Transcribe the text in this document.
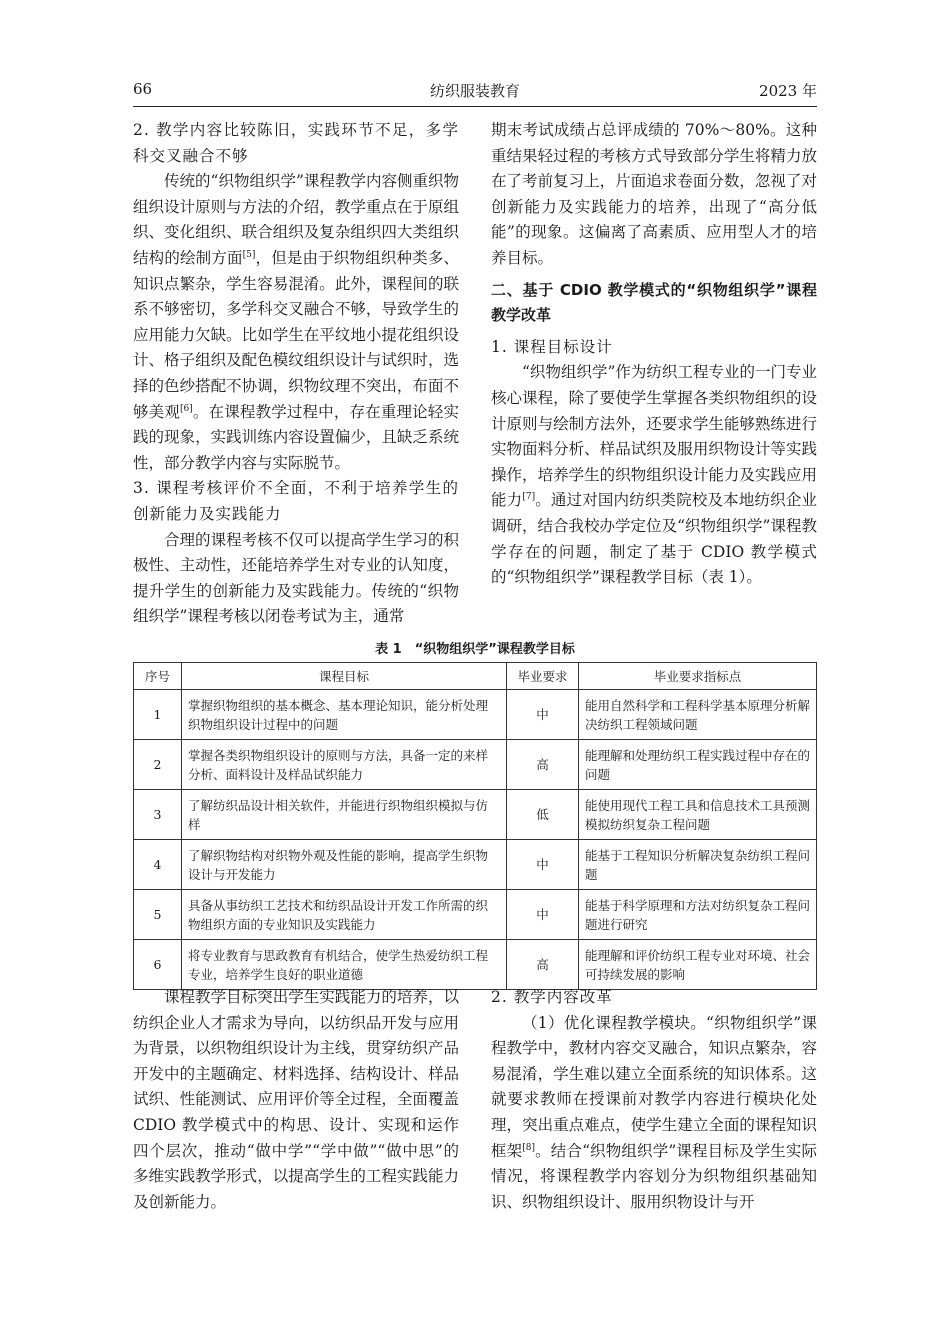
66	纺织服装教育	2023 年

2. 教学内容比较陈旧，实践环节不足，多学科交叉融合不够

传统的“织物组织学”课程教学内容侧重织物组织设计原则与方法的介绍，教学重点在于原组织、变化组织、联合组织及复杂组织四大类组织结构的绘制方面[5]，但是由于织物组织种类多、知识点繁杂，学生容易混淆。此外，课程间的联系不够密切，多学科交叉融合不够，导致学生的应用能力欠缺。比如学生在平纹地小提花组织设计、格子组织及配色模纹组织设计与试织时，选择的色纱搭配不协调，织物纹理不突出，布面不够美观[6]。在课程教学过程中，存在重理论轻实践的现象，实践训练内容设置偏少，且缺乏系统性，部分教学内容与实际脱节。

3. 课程考核评价不全面，不利于培养学生的创新能力及实践能力

合理的课程考核不仅可以提高学生学习的积极性、主动性，还能培养学生对专业的认知度，提升学生的创新能力及实践能力。传统的“织物组织学”课程考核以闭卷考试为主，通常

期末考试成绩占总评成绩的 70%～80%。这种重结果轻过程的考核方式导致部分学生将精力放在了考前复习上，片面追求卷面分数，忽视了对创新能力及实践能力的培养，出现了“高分低能”的现象。这偏离了高素质、应用型人才的培养目标。

二、基于 CDIO 教学模式的“织物组织学”课程教学改革

1. 课程目标设计

“织物组织学”作为纺织工程专业的一门专业核心课程，除了要使学生掌握各类织物组织的设计原则与绘制方法外，还要求学生能够熟练进行实物面料分析、样品试织及服用织物设计等实践操作，培养学生的织物组织设计能力及实践应用能力[7]。通过对国内纺织类院校及本地纺织企业调研，结合我校办学定位及“织物组织学”课程教学存在的问题，制定了基于 CDIO 教学模式的“织物组织学”课程教学目标（表 1）。

表 1　“织物组织学”课程教学目标
序号	课程目标	毕业要求	毕业要求指标点
1	掌握织物组织的基本概念、基本理论知识，能分析处理织物组织设计过程中的问题	中	能用自然科学和工程科学基本原理分析解决纺织工程领域问题
2	掌握各类织物组织设计的原则与方法，具备一定的来样分析、面料设计及样品试织能力	高	能理解和处理纺织工程实践过程中存在的问题
3	了解纺织品设计相关软件，并能进行织物组织模拟与仿样	低	能使用现代工程工具和信息技术工具预测模拟纺织复杂工程问题
4	了解织物结构对织物外观及性能的影响，提高学生织物设计与开发能力	中	能基于工程知识分析解决复杂纺织工程问题
5	具备从事纺织工艺技术和纺织品设计开发工作所需的织物组织方面的专业知识及实践能力	中	能基于科学原理和方法对纺织复杂工程问题进行研究
6	将专业教育与思政教育有机结合，使学生热爱纺织工程专业，培养学生良好的职业道德	高	能理解和评价纺织工程专业对环境、社会可持续发展的影响

课程教学目标突出学生实践能力的培养，以纺织企业人才需求为导向，以纺织品开发与应用为背景，以织物组织设计为主线，贯穿纺织产品开发中的主题确定、材料选择、结构设计、样品试织、性能测试、应用评价等全过程，全面覆盖 CDIO 教学模式中的构思、设计、实现和运作四个层次，推动“做中学”“学中做”“做中思”的多维实践教学形式，以提高学生的工程实践能力及创新能力。

2. 教学内容改革

（1）优化课程教学模块。“织物组织学”课程教学中，教材内容交叉融合，知识点繁杂，容易混淆，学生难以建立全面系统的知识体系。这就要求教师在授课前对教学内容进行模块化处理，突出重点难点，使学生建立全面的课程知识框架[8]。结合“织物组织学”课程目标及学生实际情况，将课程教学内容划分为织物组织基础知识、织物组织设计、服用织物设计与开
